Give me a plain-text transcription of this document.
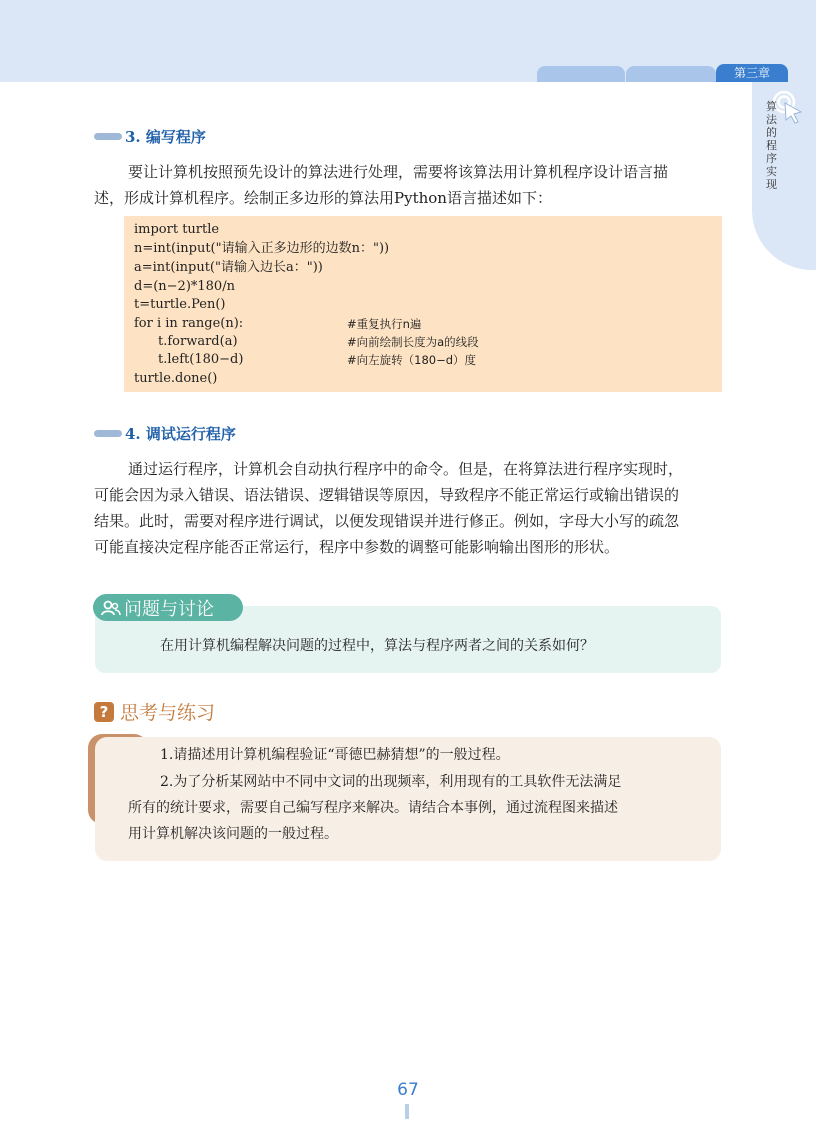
第三章
算法的程序实现
3. 编写程序
要让计算机按照预先设计的算法进行处理，需要将该算法用计算机程序设计语言描
述，形成计算机程序。绘制正多边形的算法用Python语言描述如下：
import turtle
n=int(input("请输入正多边形的边数n："))
a=int(input("请输入边长a："))
d=(n−2)*180/n
t=turtle.Pen()
for i in range(n):
t.forward(a)
t.left(180−d)
turtle.done()
#重复执行n遍
#向前绘制长度为a的线段
#向左旋转（180−d）度
4. 调试运行程序
通过运行程序，计算机会自动执行程序中的命令。但是，在将算法进行程序实现时，
可能会因为录入错误、语法错误、逻辑错误等原因，导致程序不能正常运行或输出错误的
结果。此时，需要对程序进行调试，以便发现错误并进行修正。例如，字母大小写的疏忽
可能直接决定程序能否正常运行，程序中参数的调整可能影响输出图形的形状。
问题与讨论
在用计算机编程解决问题的过程中，算法与程序两者之间的关系如何？
? 思考与练习
1.请描述用计算机编程验证“哥德巴赫猜想”的一般过程。
2.为了分析某网站中不同中文词的出现频率，利用现有的工具软件无法满足
所有的统计要求，需要自己编写程序来解决。请结合本事例，通过流程图来描述
用计算机解决该问题的一般过程。
67
